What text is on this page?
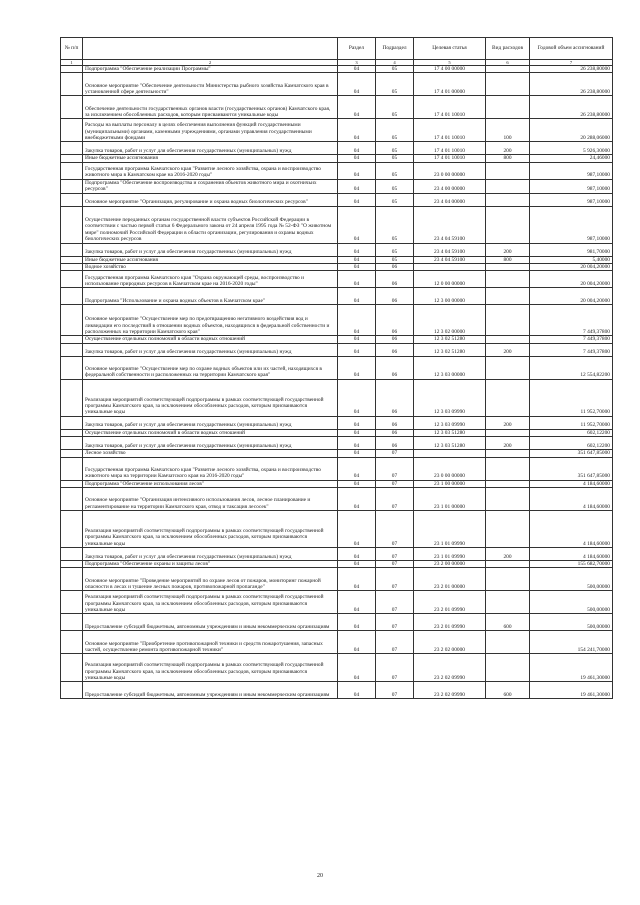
№ п/п		Раздел	Подраздел	Целевая статья	Вид расходов	Годовой объем ассигнований
1	2	3	4	5	6	7
	Подпрограмма "Обеспечение реализации Программы"	04	05	17 4 00 00000		26 238,80000
	Основное мероприятие "Обеспечение деятельности Министерства рыбного хозяйства Камчатского края в установленной сфере деятельности"	04	05	17 4 01 00000		26 238,80000
	Обеспечение деятельности государственных органов власти (государственных органов) Камчатского края, за исключением обособленных расходов, которым присваиваются уникальные коды	04	05	17 4 01 10010		26 238,80000
	Расходы на выплаты персоналу в целях обеспечения выполнения функций государственными (муниципальными) органами, казенными учреждениями, органами управления государственными внебюджетными фондами	04	05	17 4 01 10010	100	20 288,06000
	Закупка товаров, работ и услуг для обеспечения государственных (муниципальных) нужд	04	05	17 4 01 10010	200	5 926,30000
	Иные бюджетные ассигнования	04	05	17 4 01 10010	800	24,46000
	Государственная программа Камчатского края "Развитие лесного хозяйства, охрана и воспроизводство животного мира в Камчатском крае на 2016-2020 годы"	04	05	23 0 00 00000		987,10000
	Подпрограмма "Обеспечение воспроизводства и сохранения объектов животного мира и охотничьих ресурсов"	04	05	23 4 00 00000		987,10000
	Основное мероприятие "Организация, регулирование и охрана водных биологических ресурсов"	04	05	23 4 04 00000		987,10000
	Осуществление переданных органам государственной власти субъектов Российской Федерации в соответствии с частью первой статьи 6 Федерального закона от 24 апреля 1995 года № 52-ФЗ "О животном мире" полномочий Российской Федерации в области организации, регулирования и охраны водных биологических ресурсов	04	05	23 4 04 59100		987,10000
	Закупка товаров, работ и услуг для обеспечения государственных (муниципальных) нужд	04	05	23 4 04 59100	200	981,70000
	Иные бюджетные ассигнования	04	05	23 4 04 59100	800	5,40000
	Водное хозяйство	04	06			20 004,20000
	Государственная программа Камчатского края "Охрана окружающей среды, воспроизводство и использование природных ресурсов в Камчатском крае на 2016-2020 годы"	04	06	12 0 00 00000		20 004,20000
	Подпрограмма "Использование и охрана водных объектов в Камчатском крае"	04	06	12 3 00 00000		20 004,20000
	Основное мероприятие "Осуществление мер по предотвращению негативного воздействия вод и ликвидации его последствий в отношении водных объектов, находящихся в федеральной собственности и расположенных на территории Камчатского края"	04	06	12 3 02 00000		7 449,37800
	Осуществление отдельных полномочий в области водных отношений	04	06	12 3 02 51280		7 449,37800
	Закупка товаров, работ и услуг для обеспечения государственных (муниципальных) нужд	04	06	12 3 02 51280	200	7 449,37800
	Основное мероприятие "Осуществление мер по охране водных объектов или их частей, находящихся в федеральной собственности и расположенных на территории Камчатского края"	04	06	12 3 03 00000		12 554,82200
	Реализация мероприятий соответствующей подпрограммы в рамках соответствующей государственной программы Камчатского края, за исключением обособленных расходов, которым присваиваются уникальные коды	04	06	12 3 03 09990		11 952,70000
	Закупка товаров, работ и услуг для обеспечения государственных (муниципальных) нужд	04	06	12 3 03 09990	200	11 952,70000
	Осуществление отдельных полномочий в области водных отношений	04	06	12 3 03 51280		602,12200
	Закупка товаров, работ и услуг для обеспечения государственных (муниципальных) нужд	04	06	12 3 03 51280	200	602,12200
	Лесное хозяйство	04	07			351 647,85000
	Государственная программа Камчатского края "Развитие лесного хозяйства, охрана и воспроизводство животного мира на территории Камчатского края на 2016-2020 годы"	04	07	23 0 00 00000		351 647,85000
	Подпрограмма "Обеспечение использования лесов"	04	07	23 1 00 00000		4 184,60000
	Основное мероприятие "Организация интенсивного использования лесов, лесное планирование и регламентирование на территории Камчатского края, отвод и таксация лесосек"	04	07	23 1 01 00000		4 184,60000
	Реализация мероприятий соответствующей подпрограммы в рамках соответствующей государственной программы Камчатского края, за исключением обособленных расходов, которым присваиваются уникальные коды	04	07	23 1 01 09990		4 184,60000
	Закупка товаров, работ и услуг для обеспечения государственных (муниципальных) нужд	04	07	23 1 01 09990	200	4 184,60000
	Подпрограмма "Обеспечение охраны и защиты лесов"	04	07	23 2 00 00000		155 682,70000
	Основное мероприятие "Проведение мероприятий по охране лесов от пожаров, мониторинг пожарной опасности в лесах и тушение лесных пожаров, противопожарной пропаганде"	04	07	23 2 01 00000		500,00000
	Реализация мероприятий соответствующей подпрограммы в рамках соответствующей государственной программы Камчатского края, за исключением обособленных расходов, которым присваиваются уникальные коды	04	07	23 2 01 09990		500,00000
	Предоставление субсидий бюджетным, автономным учреждениям и иным некоммерческим организациям	04	07	23 2 01 09990	600	500,00000
	Основное мероприятие "Приобретение противопожарной техники и средств пожаротушения, запасных частей, осуществление ремонта противопожарной техники"	04	07	23 2 02 00000		154 241,70000
	Реализация мероприятий соответствующей подпрограммы в рамках соответствующей государственной программы Камчатского края, за исключением обособленных расходов, которым присваиваются уникальные коды	04	07	23 2 02 09990		19 461,30000
	Предоставление субсидий бюджетным, автономным учреждениям и иным некоммерческим организациям	04	07	23 2 02 09990	600	19 461,30000
20
